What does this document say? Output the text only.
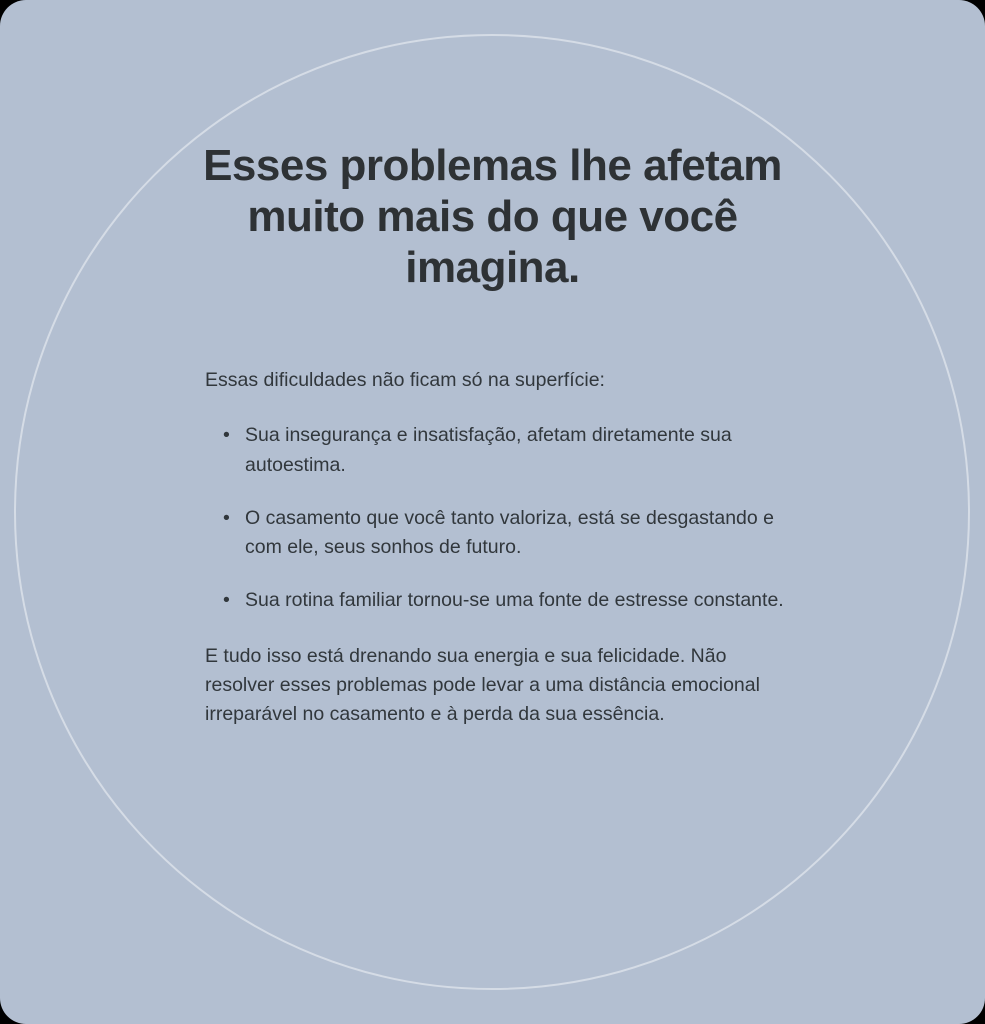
Esses problemas lhe afetam muito mais do que você imagina.

Essas dificuldades não ficam só na superfície:

• Sua insegurança e insatisfação, afetam diretamente sua autoestima.
• O casamento que você tanto valoriza, está se desgastando e com ele, seus sonhos de futuro.
• Sua rotina familiar tornou-se uma fonte de estresse constante.

E tudo isso está drenando sua energia e sua felicidade. Não resolver esses problemas pode levar a uma distância emocional irreparável no casamento e à perda da sua essência.
